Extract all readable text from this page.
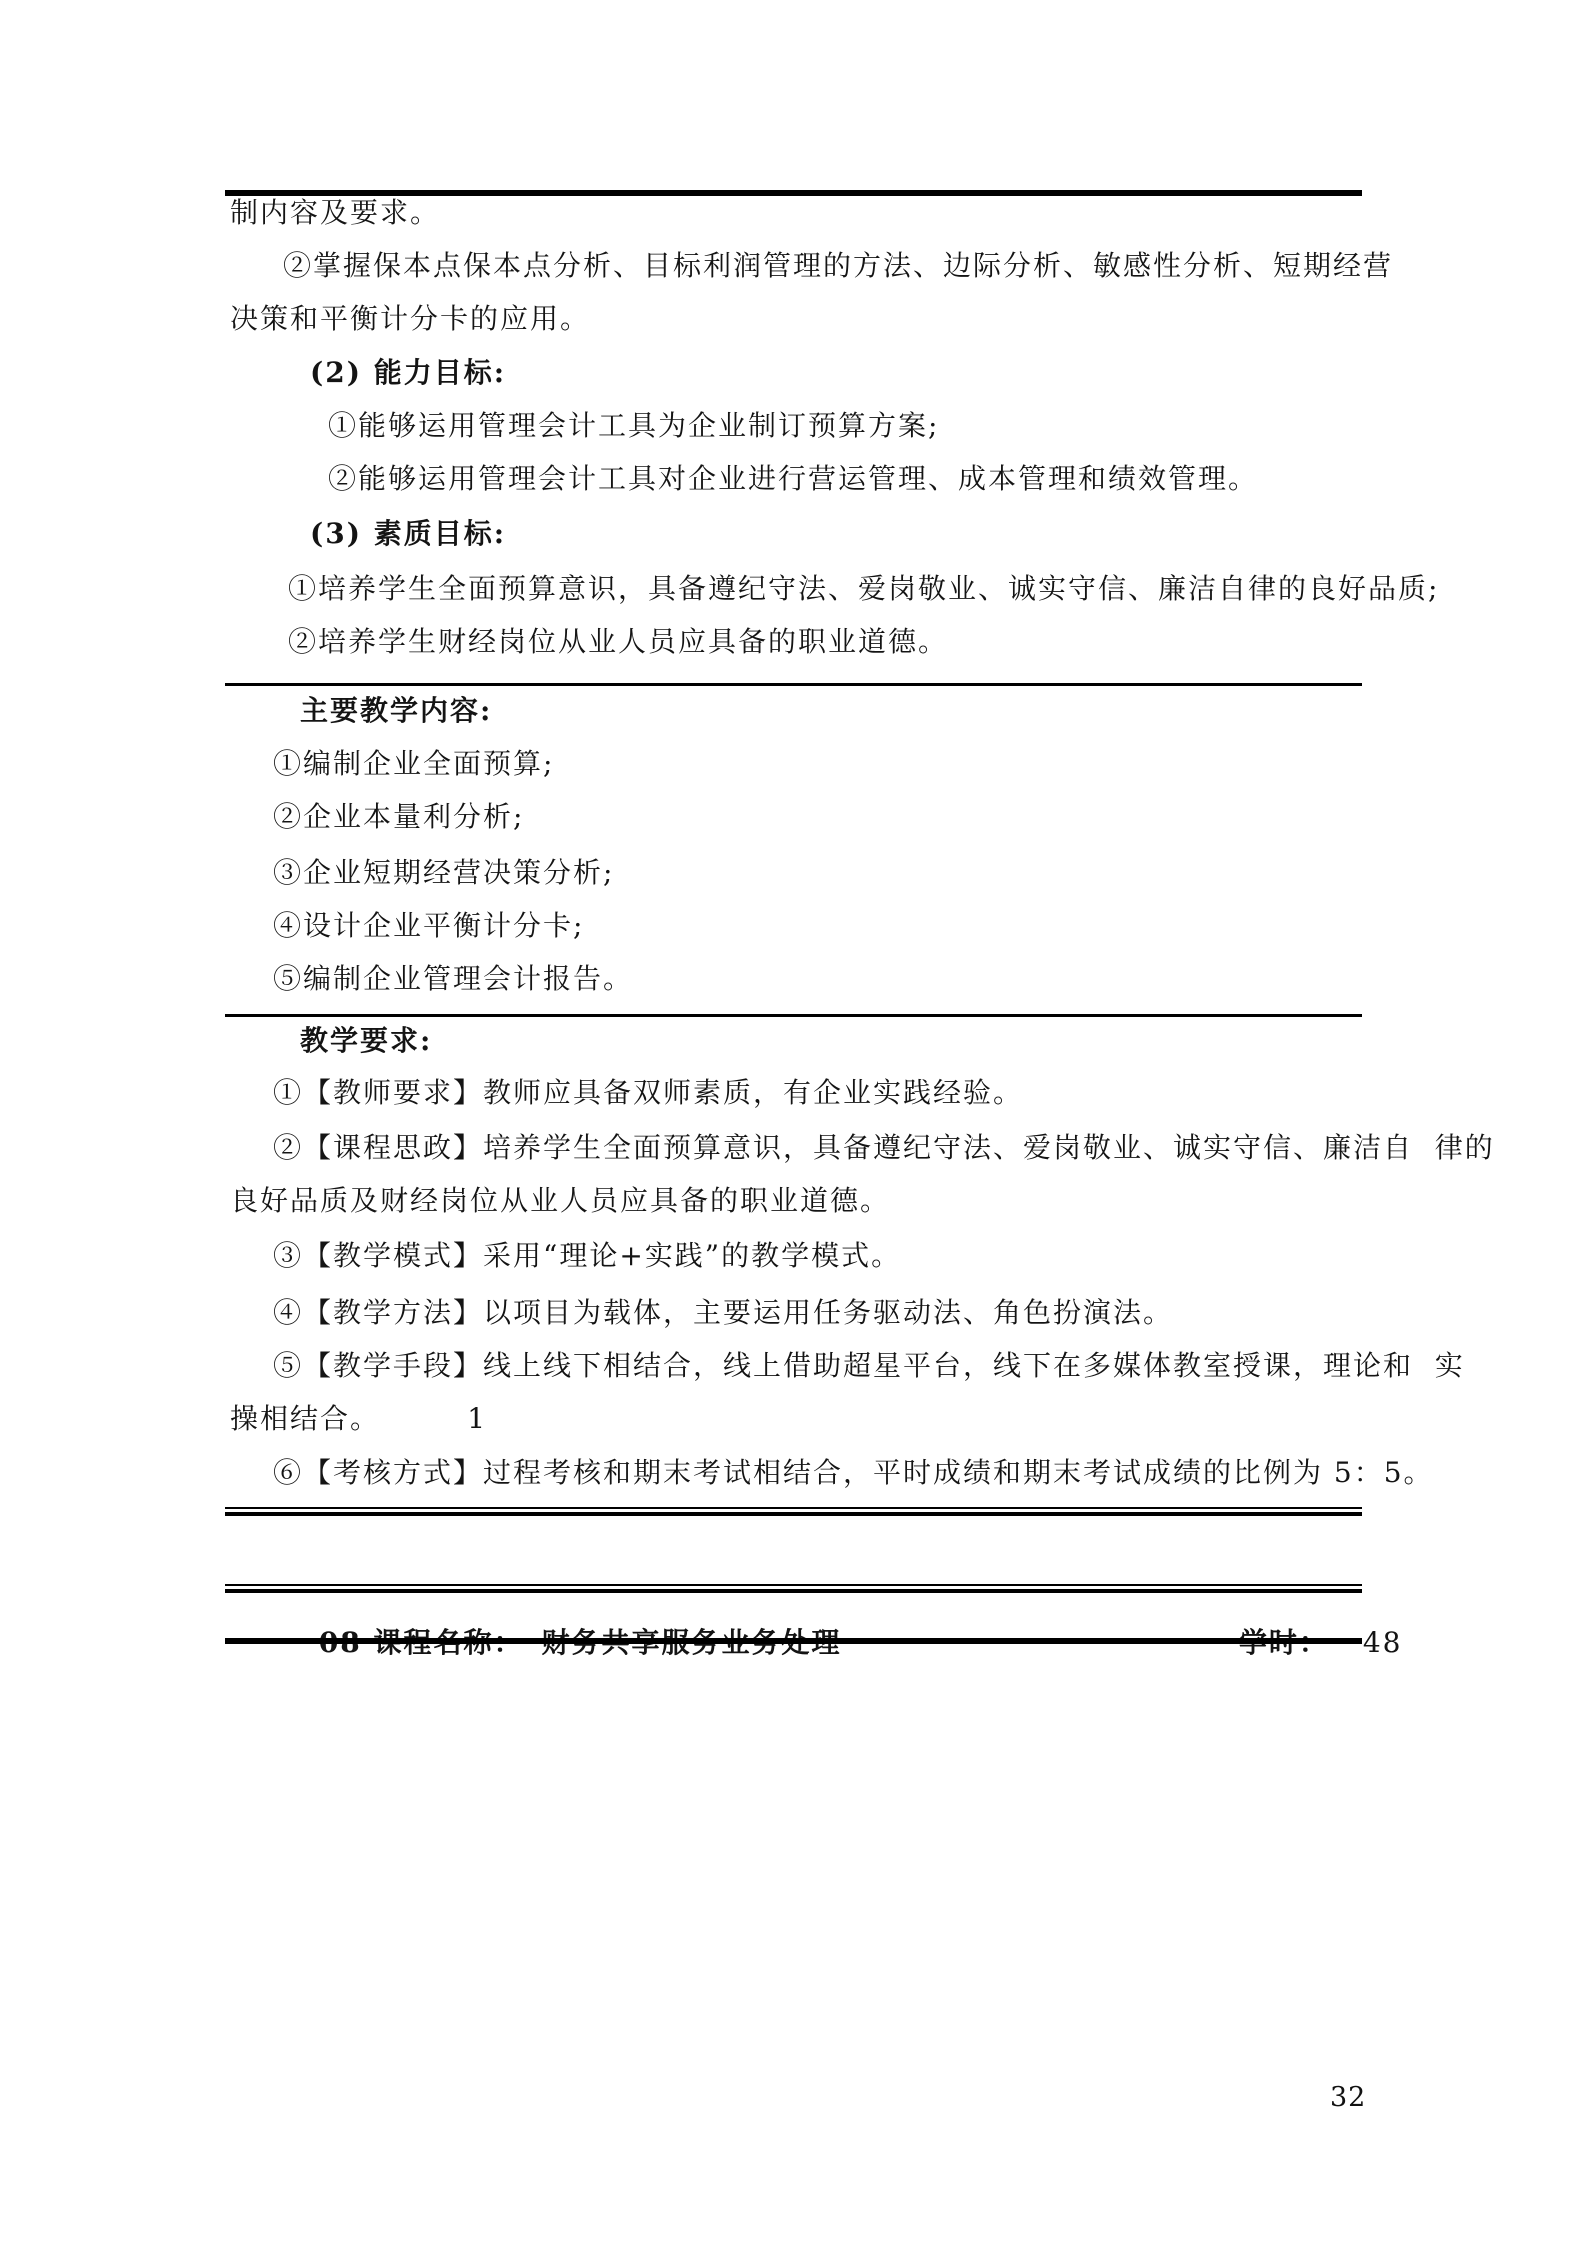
制内容及要求。
②掌握保本点保本点分析、目标利润管理的方法、边际分析、敏感性分析、短期经营
决策和平衡计分卡的应用。
(2) 能力目标:
①能够运用管理会计工具为企业制订预算方案;
②能够运用管理会计工具对企业进行营运管理、成本管理和绩效管理。
(3) 素质目标:
①培养学生全面预算意识，具备遵纪守法、爱岗敬业、诚实守信、廉洁自律的良好品质;
②培养学生财经岗位从业人员应具备的职业道德。
主要教学内容:
①编制企业全面预算;
②企业本量利分析;
③企业短期经营决策分析;
④设计企业平衡计分卡;
⑤编制企业管理会计报告。
教学要求:
①【教师要求】教师应具备双师素质，有企业实践经验。
②【课程思政】培养学生全面预算意识，具备遵纪守法、爱岗敬业、诚实守信、廉洁自  律的
良好品质及财经岗位从业人员应具备的职业道德。
③【教学模式】采用“理论+实践”的教学模式。
④【教学方法】以项目为载体，主要运用任务驱动法、角色扮演法。
⑤【教学手段】线上线下相结合，线上借助超星平台，线下在多媒体教室授课，理论和  实
操相结合。        1
⑥【考核方式】过程考核和期末考试相结合，平时成绩和期末考试成绩的比例为 5：5。

48

32
